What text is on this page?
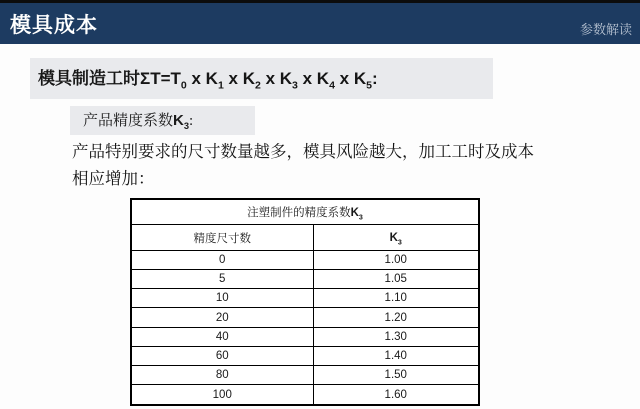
模具成本	参数解读
模具制造工时$\Sigma T=T_0$ x $K_1$ x $K_2$ x $K_3$ x $K_4$ x $K_5$:
产品精度系数$K_3$:
产品特别要求的尺寸数量越多，模具风险越大，加工工时及成本
相应增加：
注塑制件的精度系数$K_3$
精度尺寸数	$K_3$
0	1.00
5	1.05
10	1.10
20	1.20
40	1.30
60	1.40
80	1.50
100	1.60
